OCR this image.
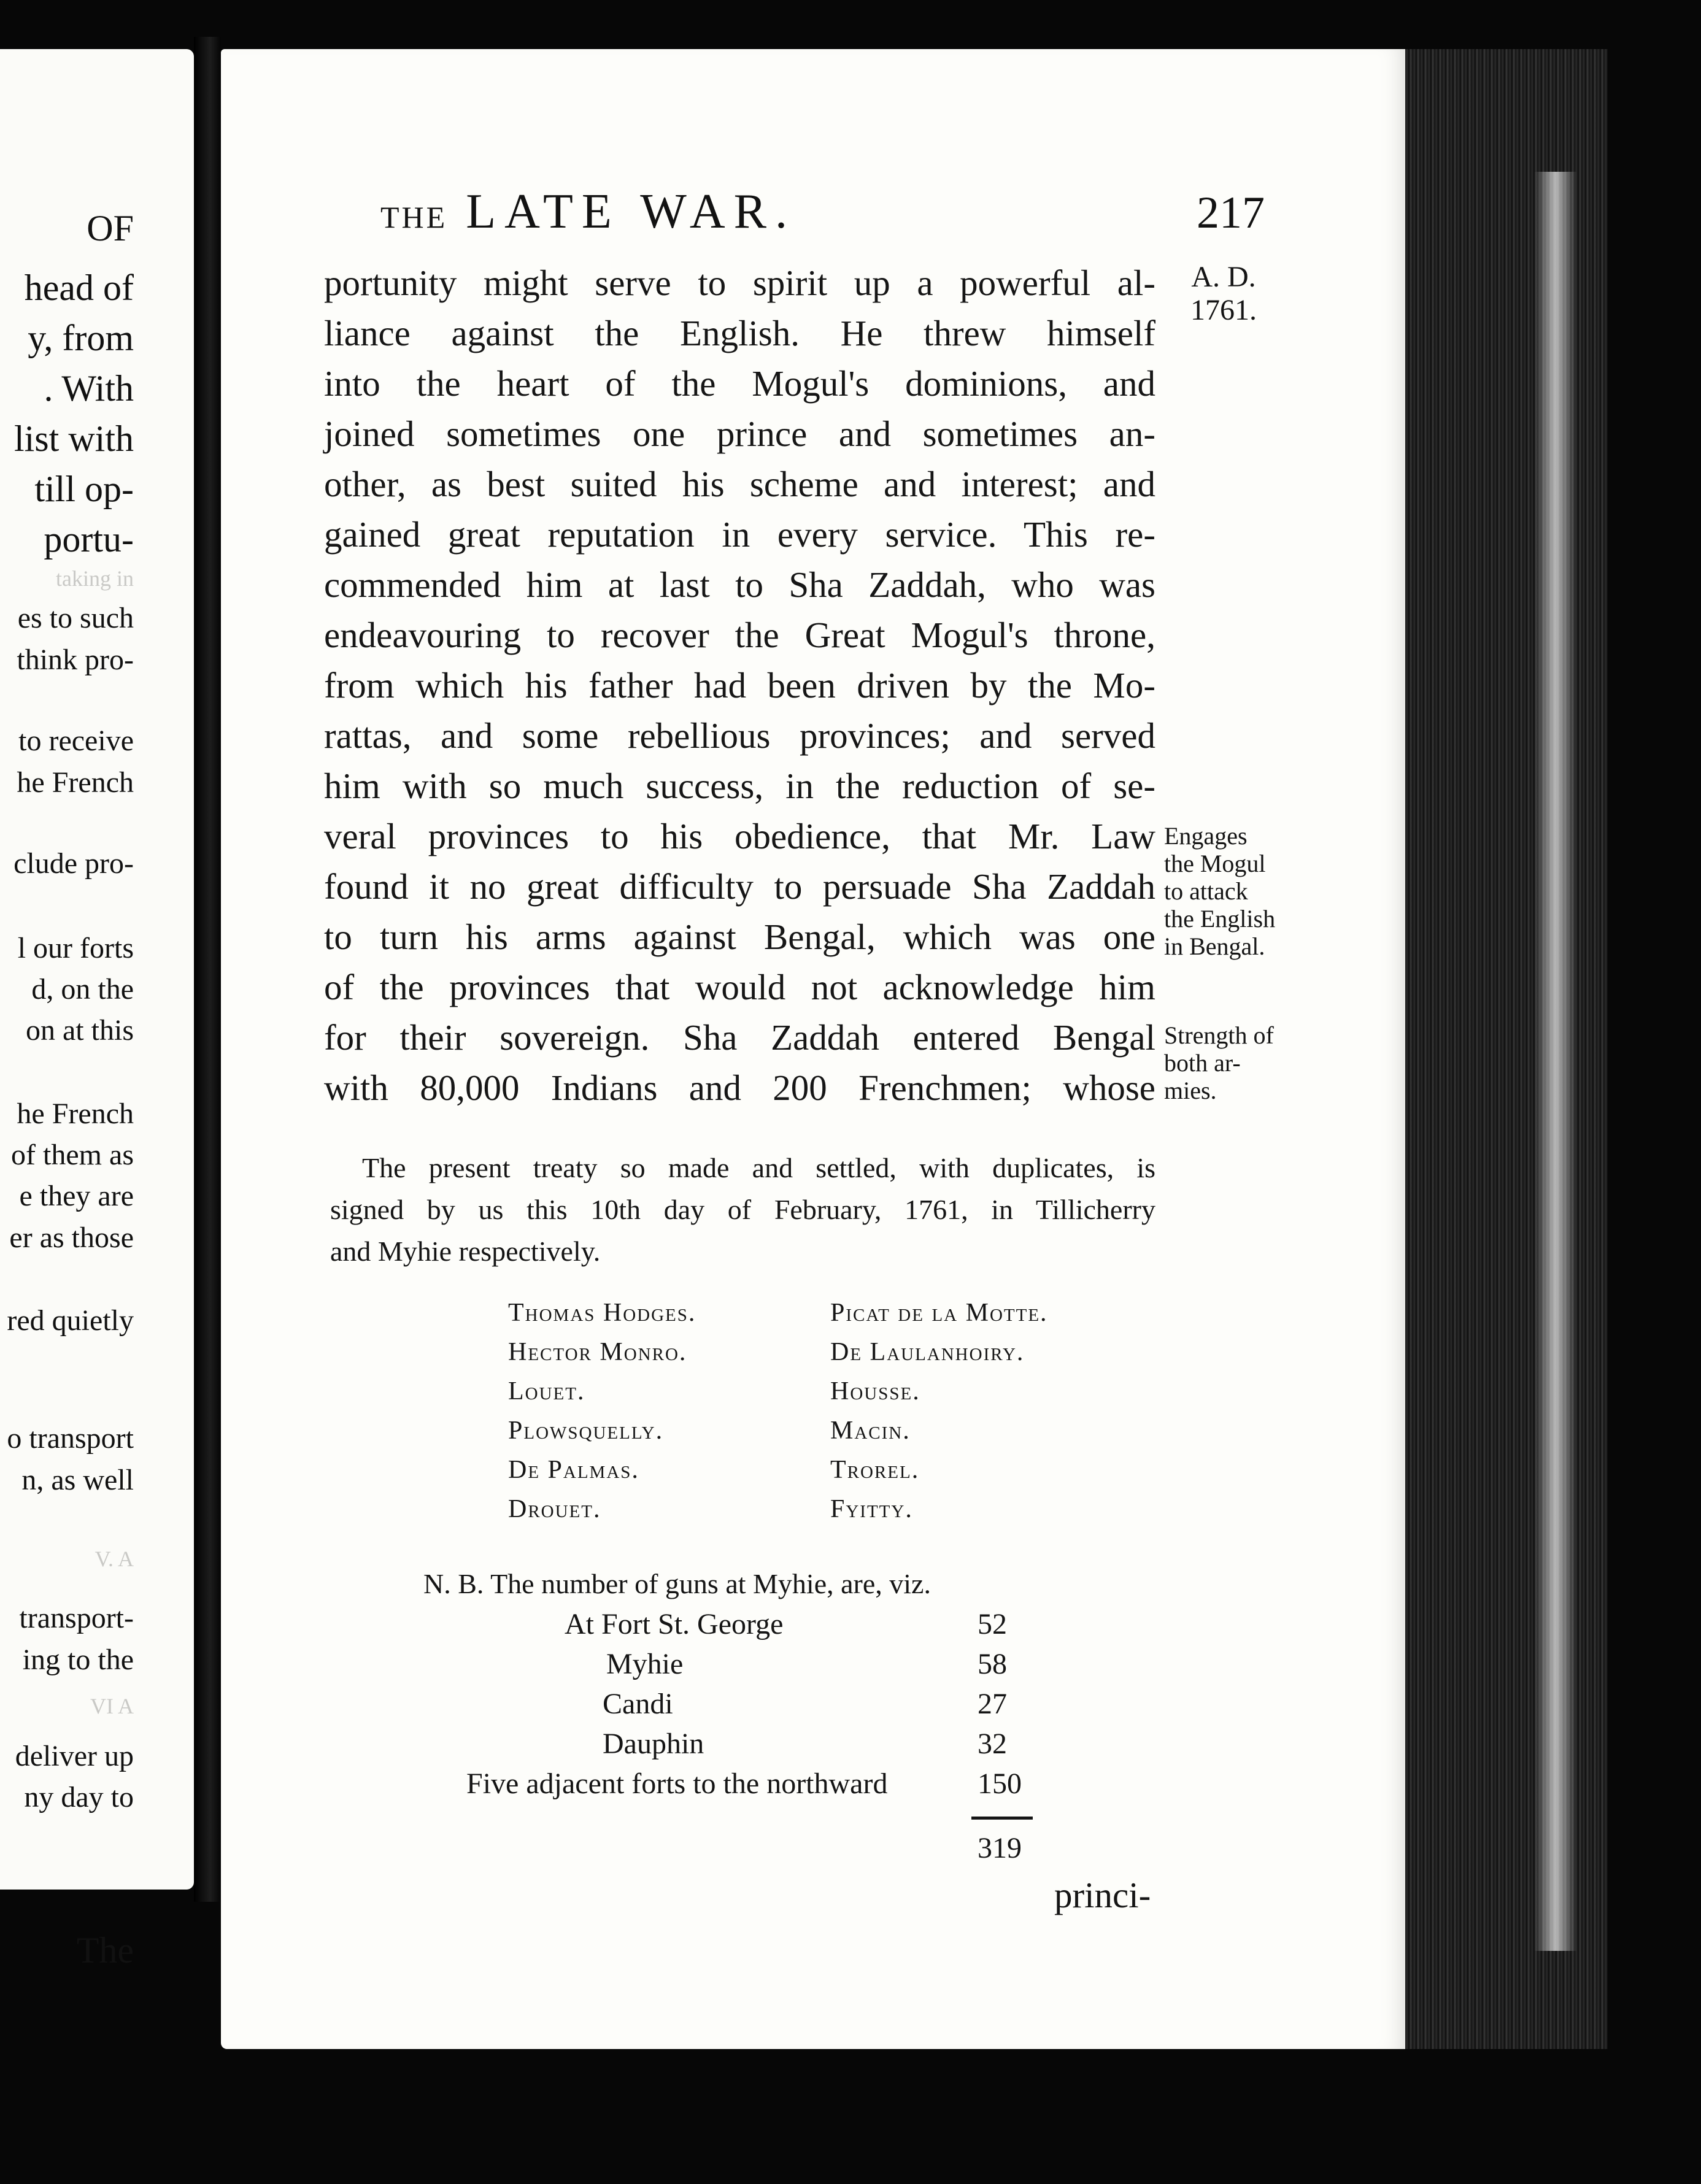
OF
head of
y, from
. With
list with
till op-
portu-
taking in
es to such
think pro-
to receive
he French
clude pro-
l our forts
d, on the
on at this
he French
of them as
e they are
er as those
red quietly
o transport
n, as well
V. A
transport-
ing to the
VI A
deliver up
ny day to
The
THE LATE WAR.	217
A. D.
1761.
Engages
the Mogul
to attack
the English
in Bengal.
Strength of
both ar-
mies.
portunity might serve to spirit up a powerful al-
liance against the English. He threw himself
into the heart of the Mogul's dominions, and
joined sometimes one prince and sometimes an-
other, as best suited his scheme and interest; and
gained great reputation in every service. This re-
commended him at last to Sha Zaddah, who was
endeavouring to recover the Great Mogul's throne,
from which his father had been driven by the Mo-
rattas, and some rebellious provinces; and served
him with so much success, in the reduction of se-
veral provinces to his obedience, that Mr. Law
found it no great difficulty to persuade Sha Zaddah
to turn his arms against Bengal, which was one
of the provinces that would not acknowledge him
for their sovereign. Sha Zaddah entered Bengal
with 80,000 Indians and 200 Frenchmen; whose
The present treaty so made and settled, with duplicates, is
signed by us this 10th day of February, 1761, in Tillicherry
and Myhie respectively.
Thomas Hodges.	Picat de la Motte.
Hector Monro.	De Laulanhoiry.
Louet.	Housse.
Plowsquelly.	Macin.
De Palmas.	Trorel.
Drouet.	Fyitty.
N. B. The number of guns at Myhie, are, viz.
At Fort St. George	52
Myhie	58
Candi	27
Dauphin	32
Five adjacent forts to the northward	150
319
princi-
